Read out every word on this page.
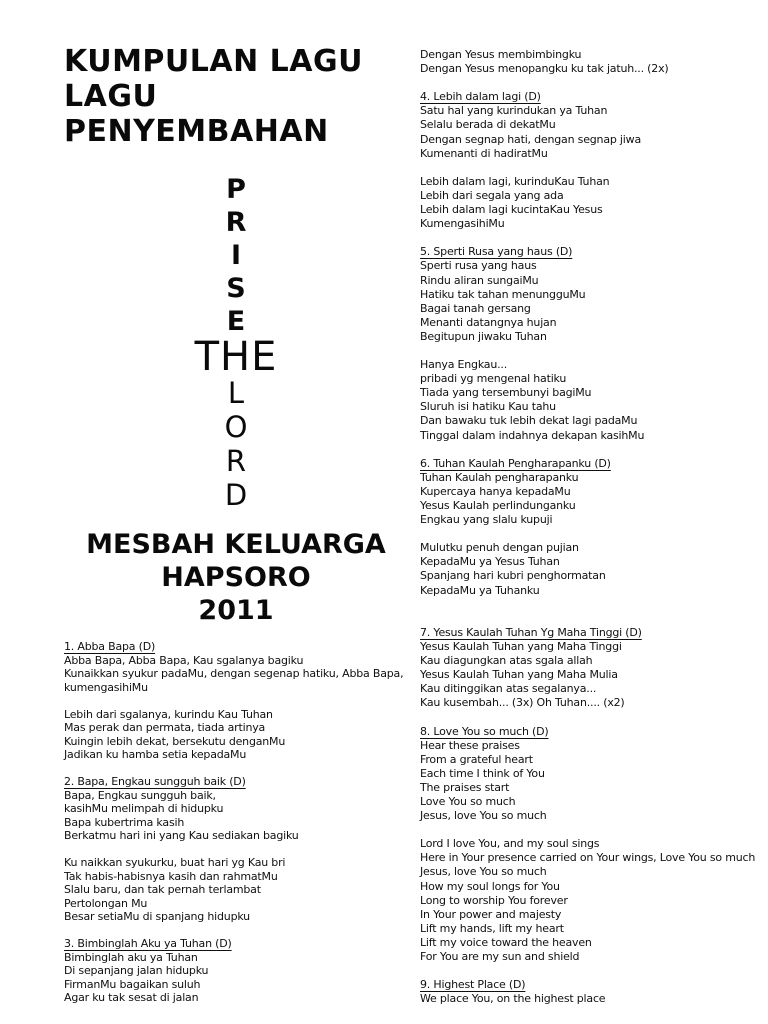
KUMPULAN LAGU
LAGU
PENYEMBAHAN
P
R
I
S
E
THE
L
O
R
D
MESBAH KELUARGA
HAPSORO
2011
1. Abba Bapa (D)
Abba Bapa, Abba Bapa, Kau sgalanya bagiku
Kunaikkan syukur padaMu, dengan segenap hatiku, Abba Bapa,
kumengasihiMu
Lebih dari sgalanya, kurindu Kau Tuhan
Mas perak dan permata, tiada artinya
Kuingin lebih dekat, bersekutu denganMu
Jadikan ku hamba setia kepadaMu
2. Bapa, Engkau sungguh baik (D)
Bapa, Engkau sungguh baik,
kasihMu melimpah di hidupku
Bapa kubertrima kasih
Berkatmu hari ini yang Kau sediakan bagiku
Ku naikkan syukurku, buat hari yg Kau bri
Tak habis-habisnya kasih dan rahmatMu
Slalu baru, dan tak pernah terlambat
Pertolongan Mu
Besar setiaMu di spanjang hidupku
3. Bimbinglah Aku ya Tuhan (D)
Bimbinglah aku ya Tuhan
Di sepanjang jalan hidupku
FirmanMu bagaikan suluh
Agar ku tak sesat di jalan
Dengan Yesus membimbingku
Dengan Yesus menopangku ku tak jatuh... (2x)
4. Lebih dalam lagi (D)
Satu hal yang kurindukan ya Tuhan
Selalu berada di dekatMu
Dengan segnap hati, dengan segnap jiwa
Kumenanti di hadiratMu
Lebih dalam lagi, kurinduKau Tuhan
Lebih dari segala yang ada
Lebih dalam lagi kucintaKau Yesus
KumengasihiMu
5. Sperti Rusa yang haus (D)
Sperti rusa yang haus
Rindu aliran sungaiMu
Hatiku tak tahan menungguMu
Bagai tanah gersang
Menanti datangnya hujan
Begitupun jiwaku Tuhan
Hanya Engkau...
pribadi yg mengenal hatiku
Tiada yang tersembunyi bagiMu
Sluruh isi hatiku Kau tahu
Dan bawaku tuk lebih dekat lagi padaMu
Tinggal dalam indahnya dekapan kasihMu
6. Tuhan Kaulah Pengharapanku (D)
Tuhan Kaulah pengharapanku
Kupercaya hanya kepadaMu
Yesus Kaulah perlindunganku
Engkau yang slalu kupuji
Mulutku penuh dengan pujian
KepadaMu ya Yesus Tuhan
Spanjang hari kubri penghormatan
KepadaMu ya Tuhanku
7. Yesus Kaulah Tuhan Yg Maha Tinggi (D)
Yesus Kaulah Tuhan yang Maha Tinggi
Kau diagungkan atas sgala allah
Yesus Kaulah Tuhan yang Maha Mulia
Kau ditinggikan atas segalanya...
Kau kusembah... (3x) Oh Tuhan.... (x2)
8. Love You so much (D)
Hear these praises
From a grateful heart
Each time I think of You
The praises start
Love You so much
Jesus, love You so much
Lord I love You, and my soul sings
Here in Your presence carried on Your wings, Love You so much
Jesus, love You so much
How my soul longs for You
Long to worship You forever
In Your power and majesty
Lift my hands, lift my heart
Lift my voice toward the heaven
For You are my sun and shield
9. Highest Place (D)
We place You, on the highest place
